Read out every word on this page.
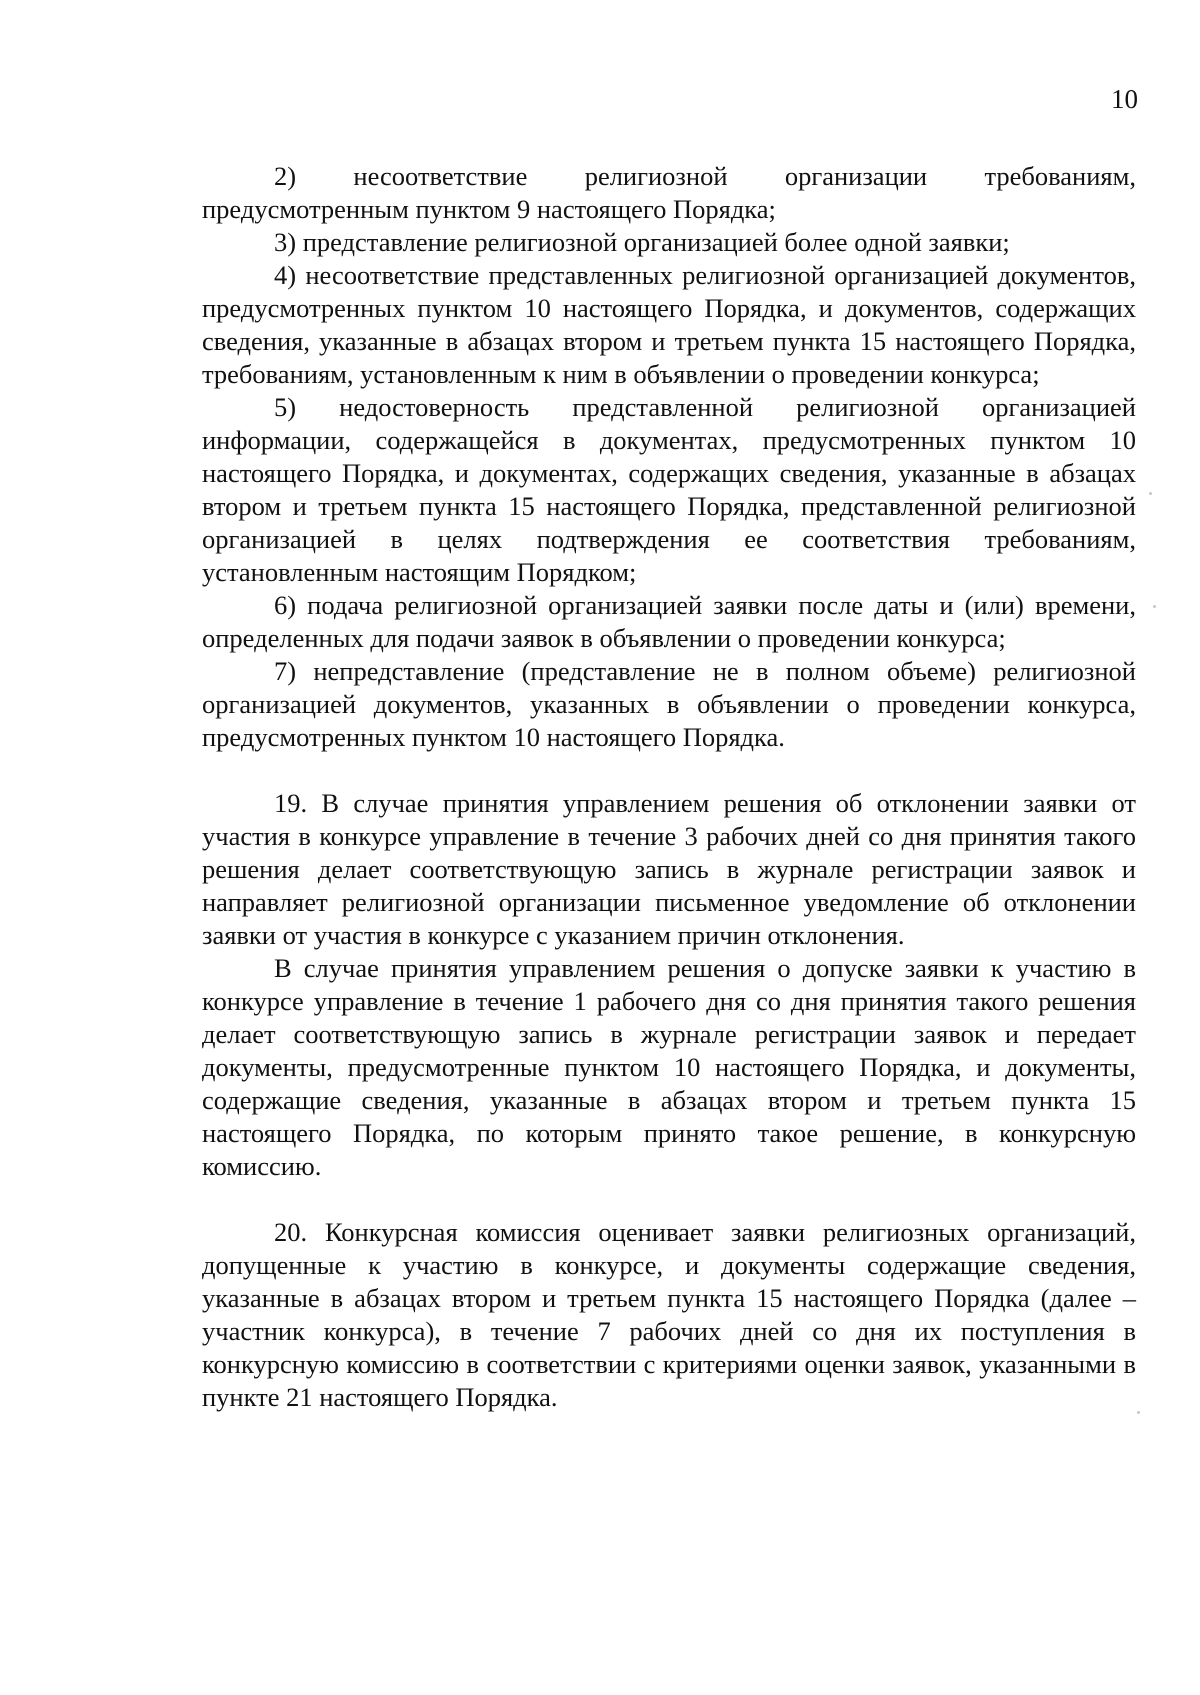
10

2) несоответствие религиозной организации требованиям, предусмотренным пунктом 9 настоящего Порядка;

3) представление религиозной организацией более одной заявки;

4) несоответствие представленных религиозной организацией документов, предусмотренных пунктом 10 настоящего Порядка, и документов, содержащих сведения, указанные в абзацах втором и третьем пункта 15 настоящего Порядка, требованиям, установленным к ним в объявлении о проведении конкурса;

5) недостоверность представленной религиозной организацией информации, содержащейся в документах, предусмотренных пунктом 10 настоящего Порядка, и документах, содержащих сведения, указанные в абзацах втором и третьем пункта 15 настоящего Порядка, представленной религиозной организацией в целях подтверждения ее соответствия требованиям, установленным настоящим Порядком;

6) подача религиозной организацией заявки после даты и (или) времени, определенных для подачи заявок в объявлении о проведении конкурса;

7) непредставление (представление не в полном объеме) религиозной организацией документов, указанных в объявлении о проведении конкурса, предусмотренных пунктом 10 настоящего Порядка.

19. В случае принятия управлением решения об отклонении заявки от участия в конкурсе управление в течение 3 рабочих дней со дня принятия такого решения делает соответствующую запись в журнале регистрации заявок и направляет религиозной организации письменное уведомление об отклонении заявки от участия в конкурсе с указанием причин отклонения.

В случае принятия управлением решения о допуске заявки к участию в конкурсе управление в течение 1 рабочего дня со дня принятия такого решения делает соответствующую запись в журнале регистрации заявок и передает документы, предусмотренные пунктом 10 настоящего Порядка, и документы, содержащие сведения, указанные в абзацах втором и третьем пункта 15 настоящего Порядка, по которым принято такое решение, в конкурсную комиссию.

20. Конкурсная комиссия оценивает заявки религиозных организаций, допущенные к участию в конкурсе, и документы содержащие сведения, указанные в абзацах втором и третьем пункта 15 настоящего Порядка (далее – участник конкурса), в течение 7 рабочих дней со дня их поступления в конкурсную комиссию в соответствии с критериями оценки заявок, указанными в пункте 21 настоящего Порядка.
